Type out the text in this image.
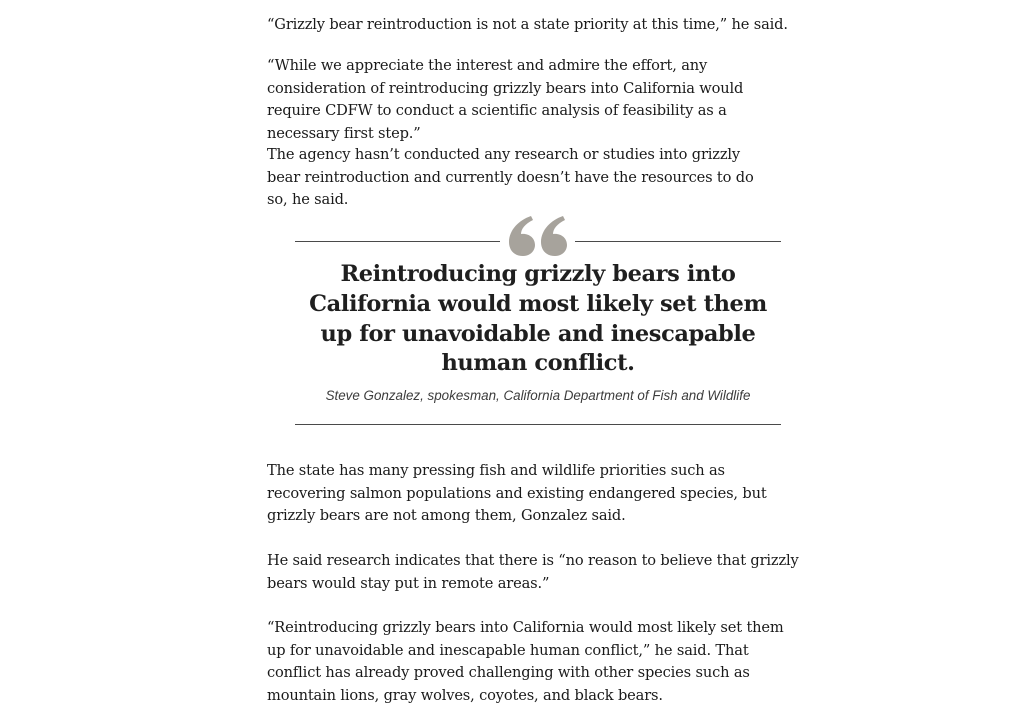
“Grizzly bear reintroduction is not a state priority at this time,” he said.

“While we appreciate the interest and admire the effort, any consideration of reintroducing grizzly bears into California would require CDFW to conduct a scientific analysis of feasibility as a necessary first step.”

The agency hasn’t conducted any research or studies into grizzly bear reintroduction and currently doesn’t have the resources to do so, he said.

Reintroducing grizzly bears into California would most likely set them up for unavoidable and inescapable human conflict.

Steve Gonzalez, spokesman, California Department of Fish and Wildlife

The state has many pressing fish and wildlife priorities such as recovering salmon populations and existing endangered species, but grizzly bears are not among them, Gonzalez said.

He said research indicates that there is “no reason to believe that grizzly bears would stay put in remote areas.”

“Reintroducing grizzly bears into California would most likely set them up for unavoidable and inescapable human conflict,” he said. That conflict has already proved challenging with other species such as mountain lions, gray wolves, coyotes, and black bears.
